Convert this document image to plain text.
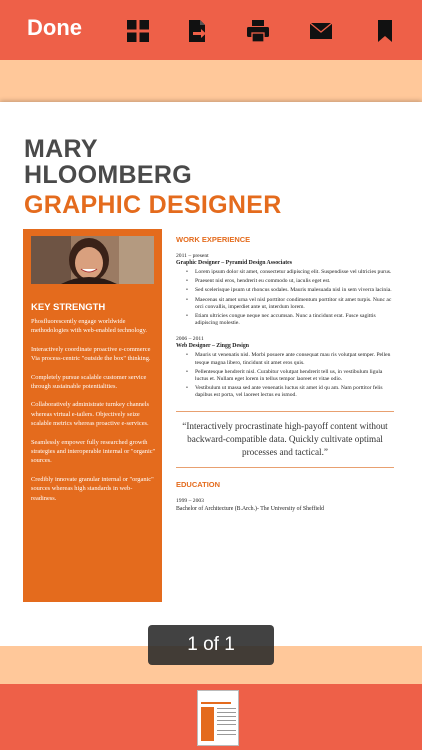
Done
MARY
HLOOMBERG
GRAPHIC DESIGNER
KEY STRENGTH

Phosfluorescently engage worldwide methodologies with web-enabled technology.

Interactively coordinate proactive e-commerce Via process-centric "outside the box" thinking.

Completely pursue scalable customer service through sustainable potentialities.

Collaboratively administrate turnkey channels whereas virtual e-tailers. Objectively seize scalable metrics whereas proactive e-services.

Seamlessly empower fully researched growth strategies and interoperable internal or "organic" sources.

Credibly innovate granular internal or "organic" sources whereas high standards in web-readiness.

WORK EXPERIENCE
2011 – present
Graphic Designer – Pyramid Design Associates
• Lorem ipsum dolor sit amet, consectetur adipiscing elit. Suspendisse vel ultricies purus.
• Praesent nisl eros, hendrerit eu commodo ut, iaculis eget est.
• Sed scelerisque ipsum ut rhoncus sodales. Mauris malesuada nisl in sem viverra lacinia.
• Maecenas sit amet urna vel nisl porttitor condimentum porttitor sit amet turpis. Nunc ac orci convallis, imperdiet ante ut, interdum lorem.
• Etiam ultricies congue neque nec accumsan. Nunc a tincidunt erat. Fusce sagittis adipiscing molestie.
2006 – 2011
Web Designer – Zingg Design
• Mauris ut venenatis nisl. Morbi posuere ante consequat mau ris volutpat semper. Pellen tesque magna libero, tincidunt sit amet eros quis.
• Pellentesque hendrerit nisl. Curabitur volutpat hendrerit tell us, in vestibulum ligula luctus et. Nullam eget lorem in tellus tempor laoreet et vitae odio.
• Vestibulum ut massa sed ante venenatis luctus sit amet id qu am. Nam porttitor felis dapibus est porta, vel laoreet lectus eu ismod.
“Interactively procrastinate high-payoff content without backward-compatible data. Quickly cultivate optimal processes and tactical.”
EDUCATION
1999 – 2003
Bachelor of Architecture (B.Arch.)- The University of Sheffield
1 of 1
